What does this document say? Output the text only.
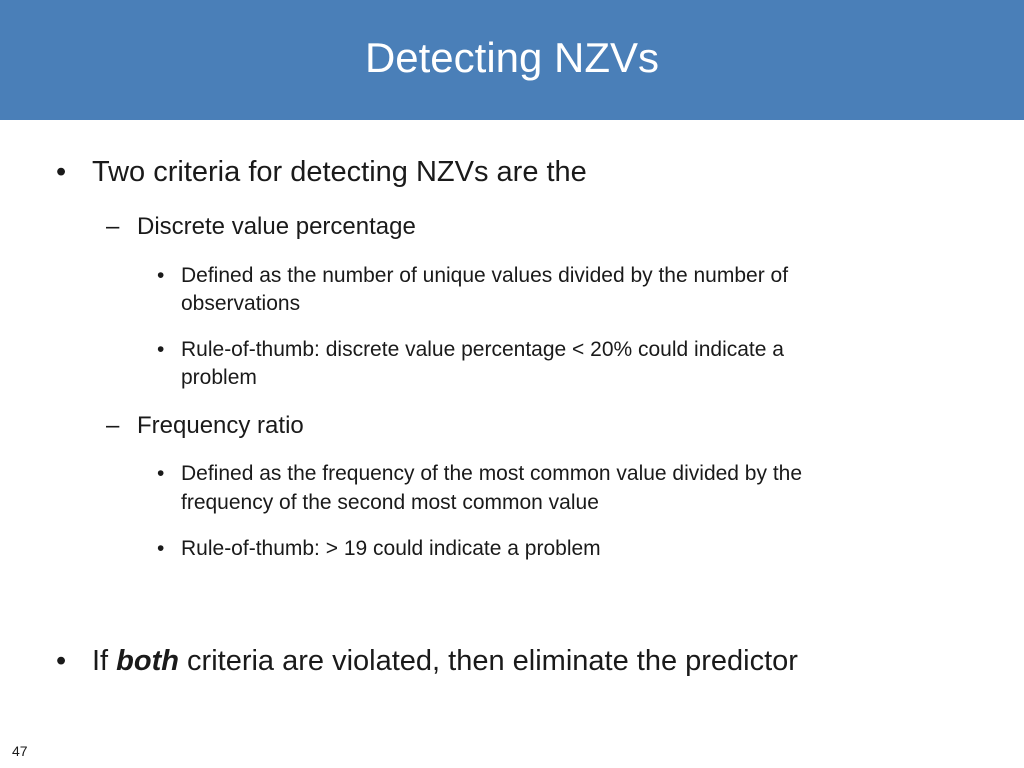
Detecting NZVs
• Two criteria for detecting NZVs are the
– Discrete value percentage
• Defined as the number of unique values divided by the number of
observations
• Rule-of-thumb: discrete value percentage < 20% could indicate a
problem
– Frequency ratio
• Defined as the frequency of the most common value divided by the
frequency of the second most common value
• Rule-of-thumb: > 19 could indicate a problem
• If both criteria are violated, then eliminate the predictor
47
